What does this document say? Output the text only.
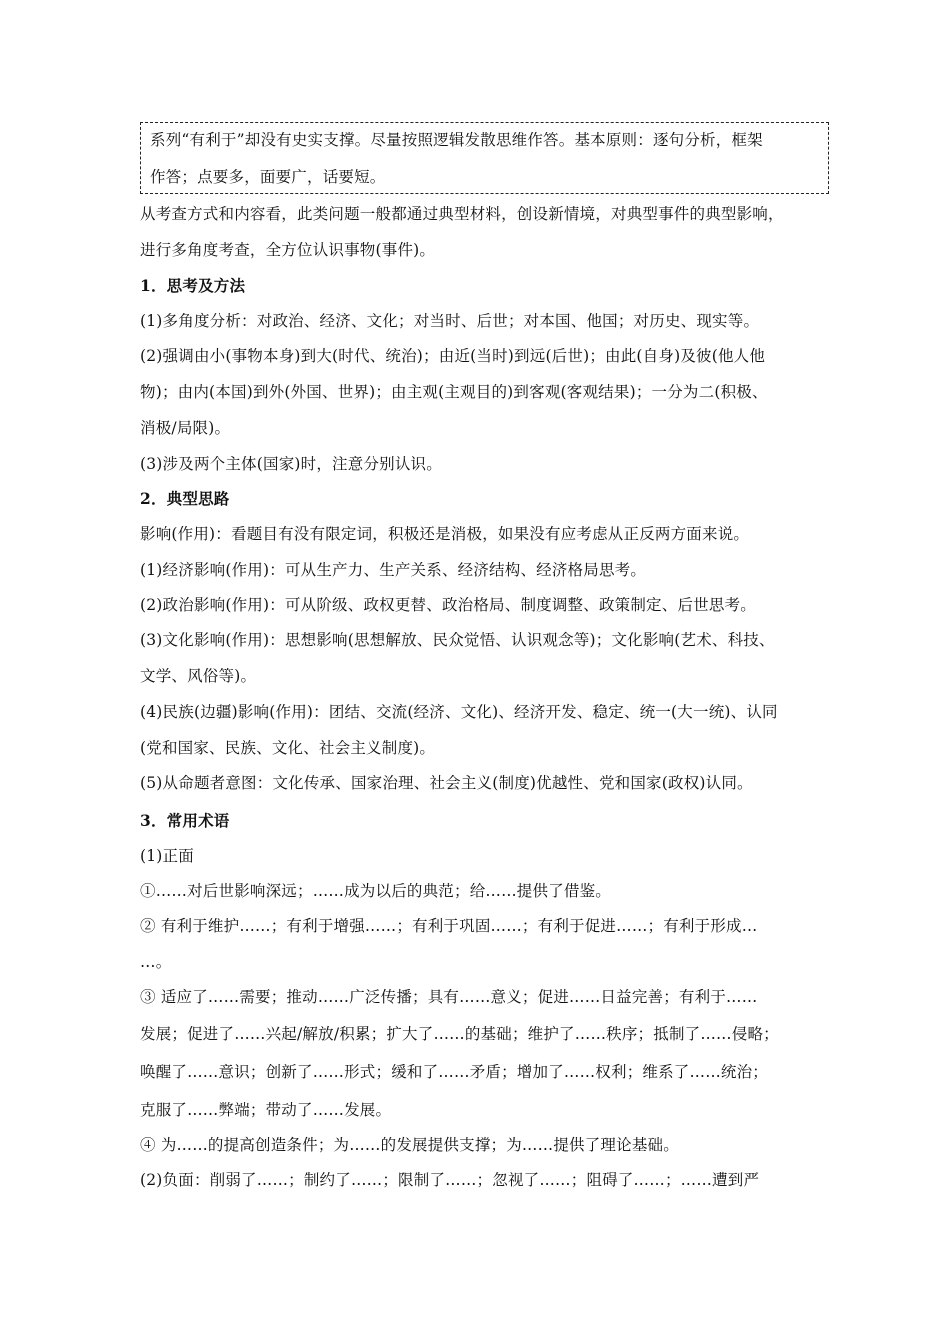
系列“有利于”却没有史实支撑。尽量按照逻辑发散思维作答。基本原则：逐句分析，框架
作答；点要多，面要广，话要短。
从考查方式和内容看，此类问题一般都通过典型材料，创设新情境，对典型事件的典型影响，
进行多角度考查，全方位认识事物(事件)。
1．思考及方法
(1)多角度分析：对政治、经济、文化；对当时、后世；对本国、他国；对历史、现实等。
(2)强调由小(事物本身)到大(时代、统治)；由近(当时)到远(后世)；由此(自身)及彼(他人他
物)；由内(本国)到外(外国、世界)；由主观(主观目的)到客观(客观结果)；一分为二(积极、
消极/局限)。
(3)涉及两个主体(国家)时，注意分别认识。
2．典型思路
影响(作用)：看题目有没有限定词，积极还是消极，如果没有应考虑从正反两方面来说。
(1)经济影响(作用)：可从生产力、生产关系、经济结构、经济格局思考。
(2)政治影响(作用)：可从阶级、政权更替、政治格局、制度调整、政策制定、后世思考。
(3)文化影响(作用)：思想影响(思想解放、民众觉悟、认识观念等)；文化影响(艺术、科技、
文学、风俗等)。
(4)民族(边疆)影响(作用)：团结、交流(经济、文化)、经济开发、稳定、统一(大一统)、认同
(党和国家、民族、文化、社会主义制度)。
(5)从命题者意图：文化传承、国家治理、社会主义(制度)优越性、党和国家(政权)认同。
3．常用术语
(1)正面
①……对后世影响深远；……成为以后的典范；给……提供了借鉴。
② 有利于维护……；有利于增强……；有利于巩固……；有利于促进……；有利于形成…
…。
③ 适应了……需要；推动……广泛传播；具有……意义；促进……日益完善；有利于……
发展；促进了……兴起/解放/积累；扩大了……的基础；维护了……秩序；抵制了……侵略；
唤醒了……意识；创新了……形式；缓和了……矛盾；增加了……权利；维系了……统治；
克服了……弊端；带动了……发展。
④ 为……的提高创造条件；为……的发展提供支撑；为……提供了理论基础。
(2)负面：削弱了……；制约了……；限制了……；忽视了……；阻碍了……；……遭到严
